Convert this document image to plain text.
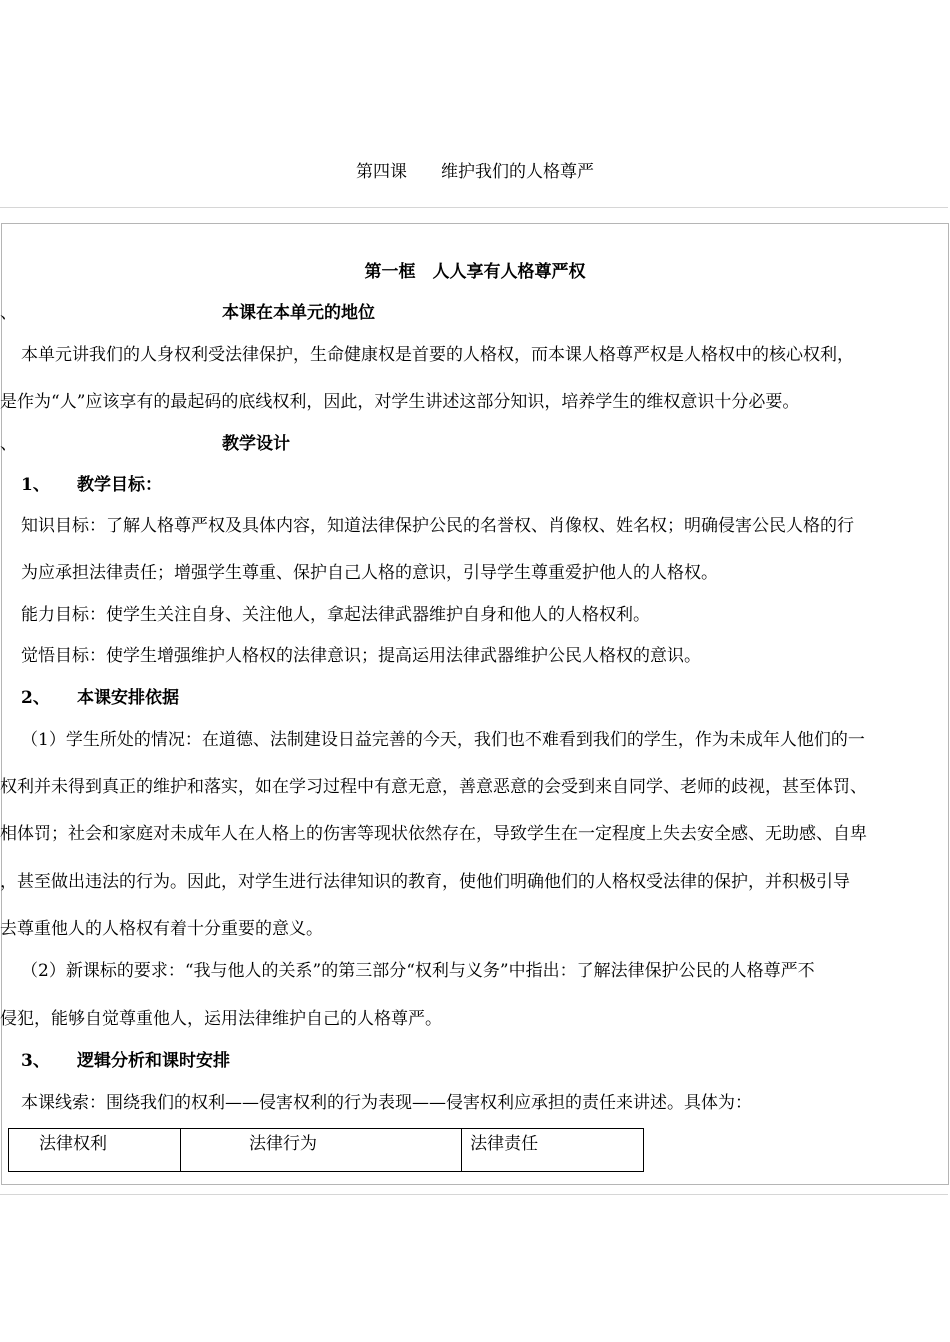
第四课　　维护我们的人格尊严
第一框　人人享有人格尊严权
、	本课在本单元的地位
本单元讲我们的人身权利受法律保护，生命健康权是首要的人格权，而本课人格尊严权是人格权中的核心权利，
是作为“人”应该享有的最起码的底线权利，因此，对学生讲述这部分知识，培养学生的维权意识十分必要。
、	教学设计
1、 教学目标：
知识目标：了解人格尊严权及具体内容，知道法律保护公民的名誉权、肖像权、姓名权；明确侵害公民人格的行
为应承担法律责任；增强学生尊重、保护自己人格的意识，引导学生尊重爱护他人的人格权。
能力目标：使学生关注自身、关注他人，拿起法律武器维护自身和他人的人格权利。
觉悟目标：使学生增强维护人格权的法律意识；提高运用法律武器维护公民人格权的意识。
2、 本课安排依据
（1）学生所处的情况：在道德、法制建设日益完善的今天，我们也不难看到我们的学生，作为未成年人他们的一
权利并未得到真正的维护和落实，如在学习过程中有意无意，善意恶意的会受到来自同学、老师的歧视，甚至体罚、
相体罚；社会和家庭对未成年人在人格上的伤害等现状依然存在，导致学生在一定程度上失去安全感、无助感、自卑
，甚至做出违法的行为。因此，对学生进行法律知识的教育，使他们明确他们的人格权受法律的保护，并积极引导
去尊重他人的人格权有着十分重要的意义。
（2）新课标的要求：“我与他人的关系”的第三部分“权利与义务”中指出：了解法律保护公民的人格尊严不
侵犯，能够自觉尊重他人，运用法律维护自己的人格尊严。
3、 逻辑分析和课时安排
本课线索：围绕我们的权利——侵害权利的行为表现——侵害权利应承担的责任来讲述。具体为：
法律权利	法律行为	法律责任
